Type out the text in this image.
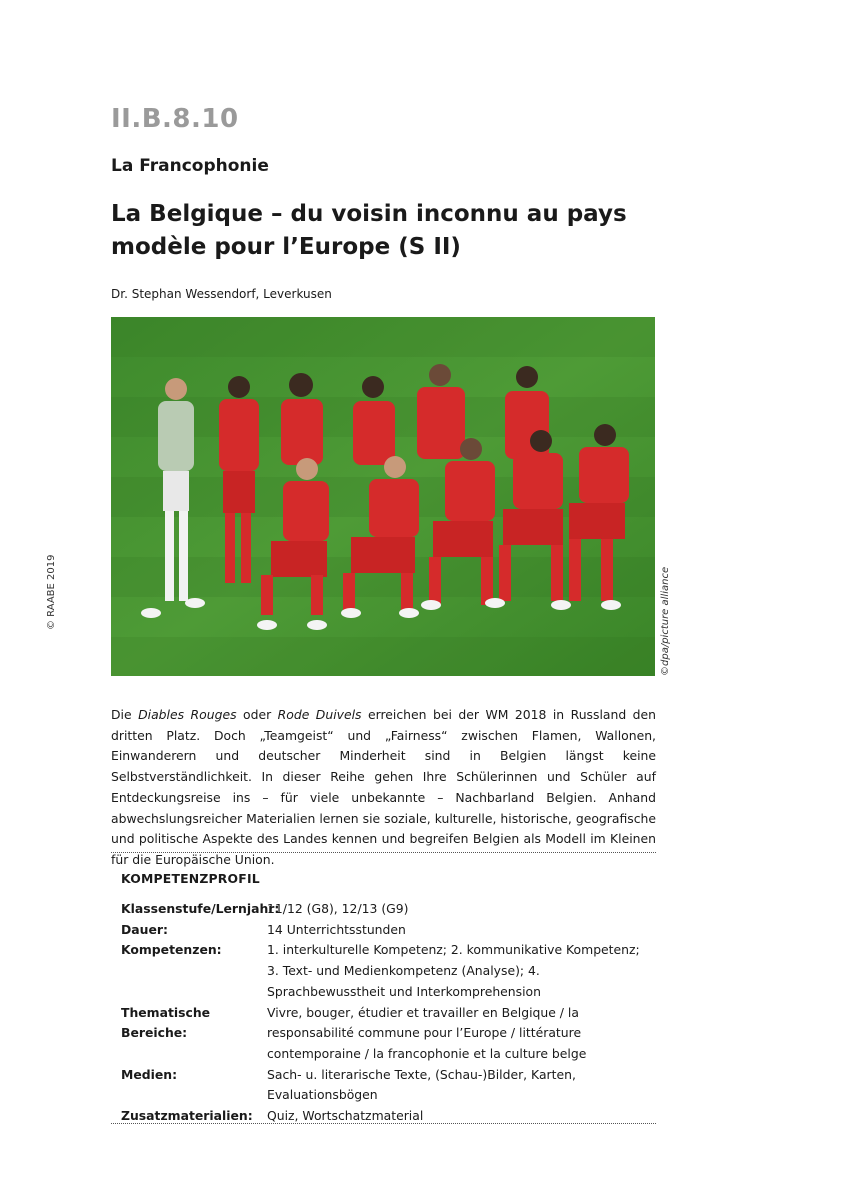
II.B.8.10
La Francophonie
La Belgique – du voisin inconnu au pays modèle pour l’Europe (S II)
Dr. Stephan Wessendorf, Leverkusen
©dpa/picture alliance
© RAABE 2019
Die Diables Rouges oder Rode Duivels erreichen bei der WM 2018 in Russland den dritten Platz. Doch „Teamgeist“ und „Fairness“ zwischen Flamen, Wallonen, Einwanderern und deutscher Minderheit sind in Belgien längst keine Selbstverständlichkeit. In dieser Reihe gehen Ihre Schülerinnen und Schüler auf Entdeckungsreise ins – für viele unbekannte – Nachbarland Belgien. Anhand abwechslungsreicher Materialien lernen sie soziale, kulturelle, historische, geografische und politische Aspekte des Landes kennen und begreifen Belgien als Modell im Kleinen für die Europäische Union.
KOMPETENZPROFIL
Klassenstufe/Lernjahr:
11/12 (G8), 12/13 (G9)
Dauer:	14 Unterrichtsstunden
Kompetenzen:	1. interkulturelle Kompetenz; 2. kommunikative Kompetenz; 3. Text- und Medienkompetenz (Analyse); 4. Sprachbewusstheit und Interkomprehension
Thematische Bereiche:
Vivre, bouger, étudier et travailler en Belgique / la responsabilité commune pour l’Europe / littérature contemporaine / la francophonie et la culture belge
Medien:	Sach- u. literarische Texte, (Schau-)Bilder, Karten, Evaluationsbögen
Zusatzmaterialien:	Quiz, Wortschatzmaterial
